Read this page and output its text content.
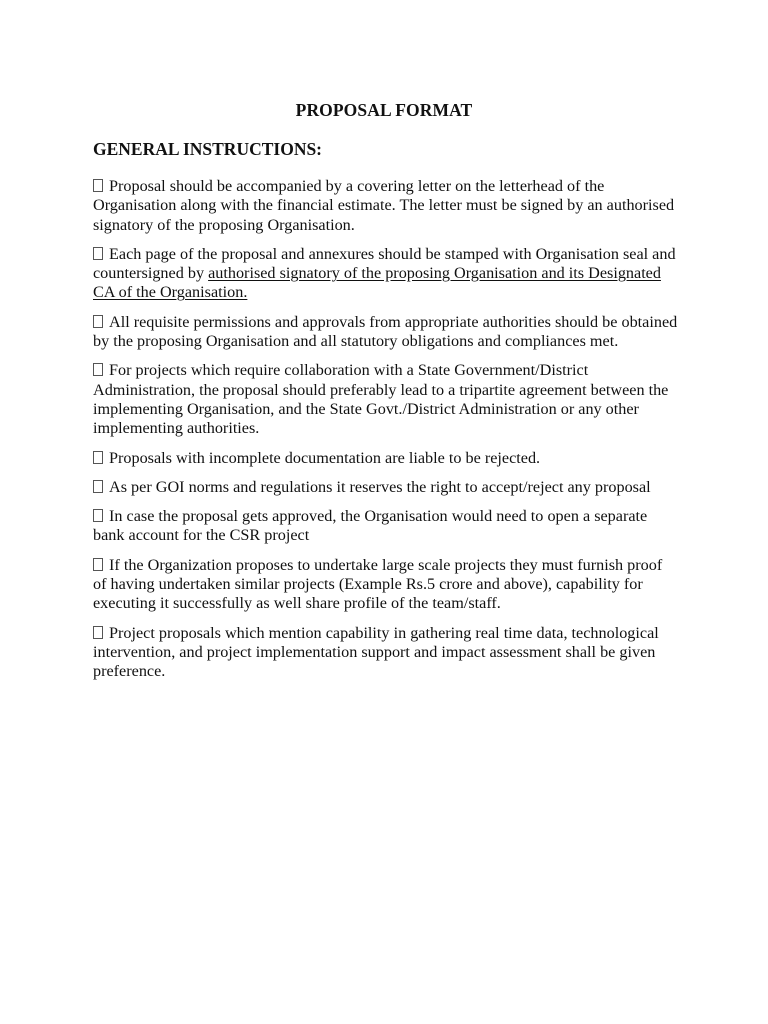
PROPOSAL FORMAT
GENERAL INSTRUCTIONS:

Proposal should be accompanied by a covering letter on the letterhead of the Organisation along with the financial estimate. The letter must be signed by an authorised signatory of the proposing Organisation.

Each page of the proposal and annexures should be stamped with Organisation seal and countersigned by authorised signatory of the proposing Organisation and its Designated CA of the Organisation.

All requisite permissions and approvals from appropriate authorities should be obtained by the proposing Organisation and all statutory obligations and compliances met.

For projects which require collaboration with a State Government/District Administration, the proposal should preferably lead to a tripartite agreement between the implementing Organisation, and the State Govt./District Administration or any other implementing authorities.

Proposals with incomplete documentation are liable to be rejected.

As per GOI norms and regulations it reserves the right to accept/reject any proposal

In case the proposal gets approved, the Organisation would need to open a separate bank account for the CSR project

If the Organization proposes to undertake large scale projects they must furnish proof of having undertaken similar projects (Example Rs.5 crore and above), capability for executing it successfully as well share profile of the team/staff.

Project proposals which mention capability in gathering real time data, technological intervention, and project implementation support and impact assessment shall be given preference.
